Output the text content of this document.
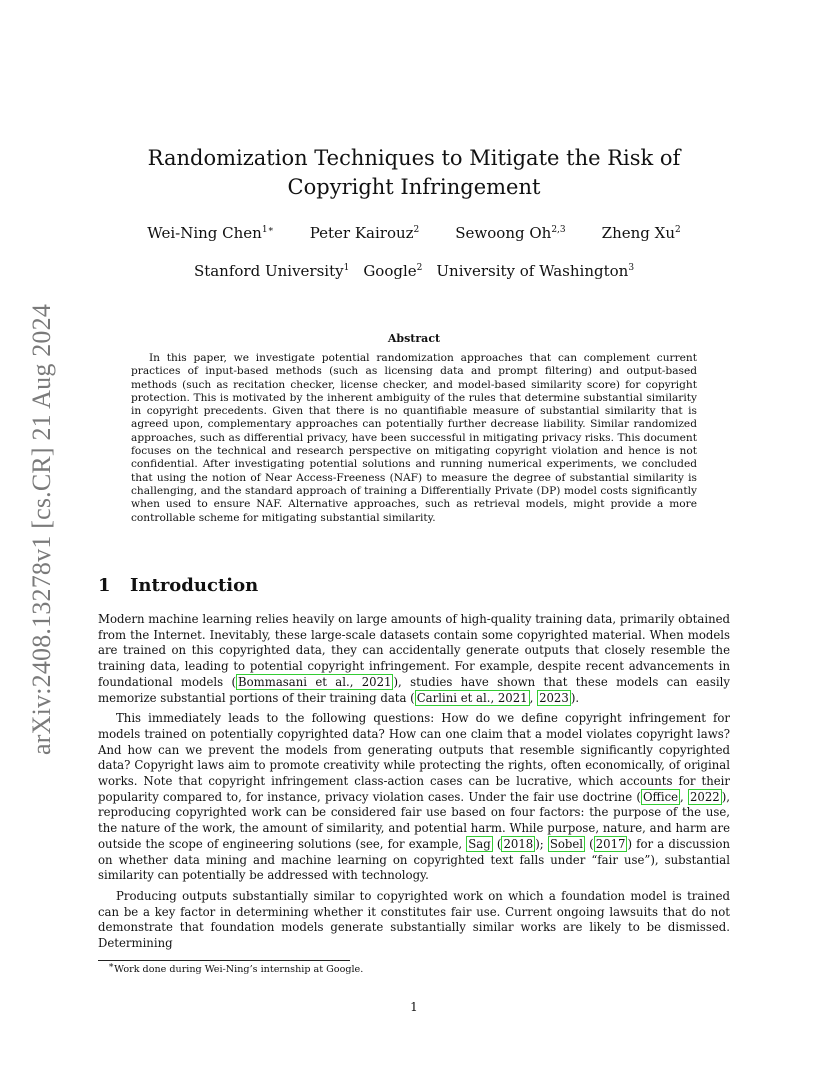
arXiv:2408.13278v1 [cs.CR] 21 Aug 2024
Randomization Techniques to Mitigate the Risk of Copyright Infringement
Wei-Ning Chen$^{1∗}$ Peter Kairouz$^2$ Sewoong Oh$^{2,3}$ Zheng Xu$^2$
Stanford University$^1$ Google$^2$ University of Washington$^3$
Abstract

In this paper, we investigate potential randomization approaches that can complement current practices of input-based methods (such as licensing data and prompt filtering) and output-based methods (such as recitation checker, license checker, and model-based similarity score) for copyright protection. This is motivated by the inherent ambiguity of the rules that determine substantial similarity in copyright precedents. Given that there is no quantifiable measure of substantial similarity that is agreed upon, complementary approaches can potentially further decrease liability. Similar randomized approaches, such as differential privacy, have been successful in mitigating privacy risks. This document focuses on the technical and research perspective on mitigating copyright violation and hence is not confidential. After investigating potential solutions and running numerical experiments, we concluded that using the notion of Near Access-Freeness (NAF) to measure the degree of substantial similarity is challenging, and the standard approach of training a Differentially Private (DP) model costs significantly when used to ensure NAF. Alternative approaches, such as retrieval models, might provide a more controllable scheme for mitigating substantial similarity.

1 Introduction

Modern machine learning relies heavily on large amounts of high-quality training data, primarily obtained from the Internet. Inevitably, these large-scale datasets contain some copyrighted material. When models are trained on this copyrighted data, they can accidentally generate outputs that closely resemble the training data, leading to potential copyright infringement. For example, despite recent advancements in foundational models ( Bommasani et al., 2021 ), studies have shown that these models can easily memorize substantial portions of their training data ( Carlini et al., 2021 , 2023 ).

This immediately leads to the following questions: How do we define copyright infringement for models trained on potentially copyrighted data? How can one claim that a model violates copyright laws? And how can we prevent the models from generating outputs that resemble significantly copyrighted data? Copyright laws aim to promote creativity while protecting the rights, often economically, of original works. Note that copyright infringement class-action cases can be lucrative, which accounts for their popularity compared to, for instance, privacy violation cases. Under the fair use doctrine ( Office , 2022 ), reproducing copyrighted work can be considered fair use based on four factors: the purpose of the use, the nature of the work, the amount of similarity, and potential harm. While purpose, nature, and harm are outside the scope of engineering solutions (see, for example, Sag ( 2018 ); Sobel ( 2017 ) for a discussion on whether data mining and machine learning on copyrighted text falls under “fair use”), substantial similarity can potentially be addressed with technology.

Producing outputs substantially similar to copyrighted work on which a foundation model is trained can be a key factor in determining whether it constitutes fair use. Current ongoing lawsuits that do not demonstrate that foundation models generate substantially similar works are likely to be dismissed. Determining

∗Work done during Wei-Ning’s internship at Google.
1
